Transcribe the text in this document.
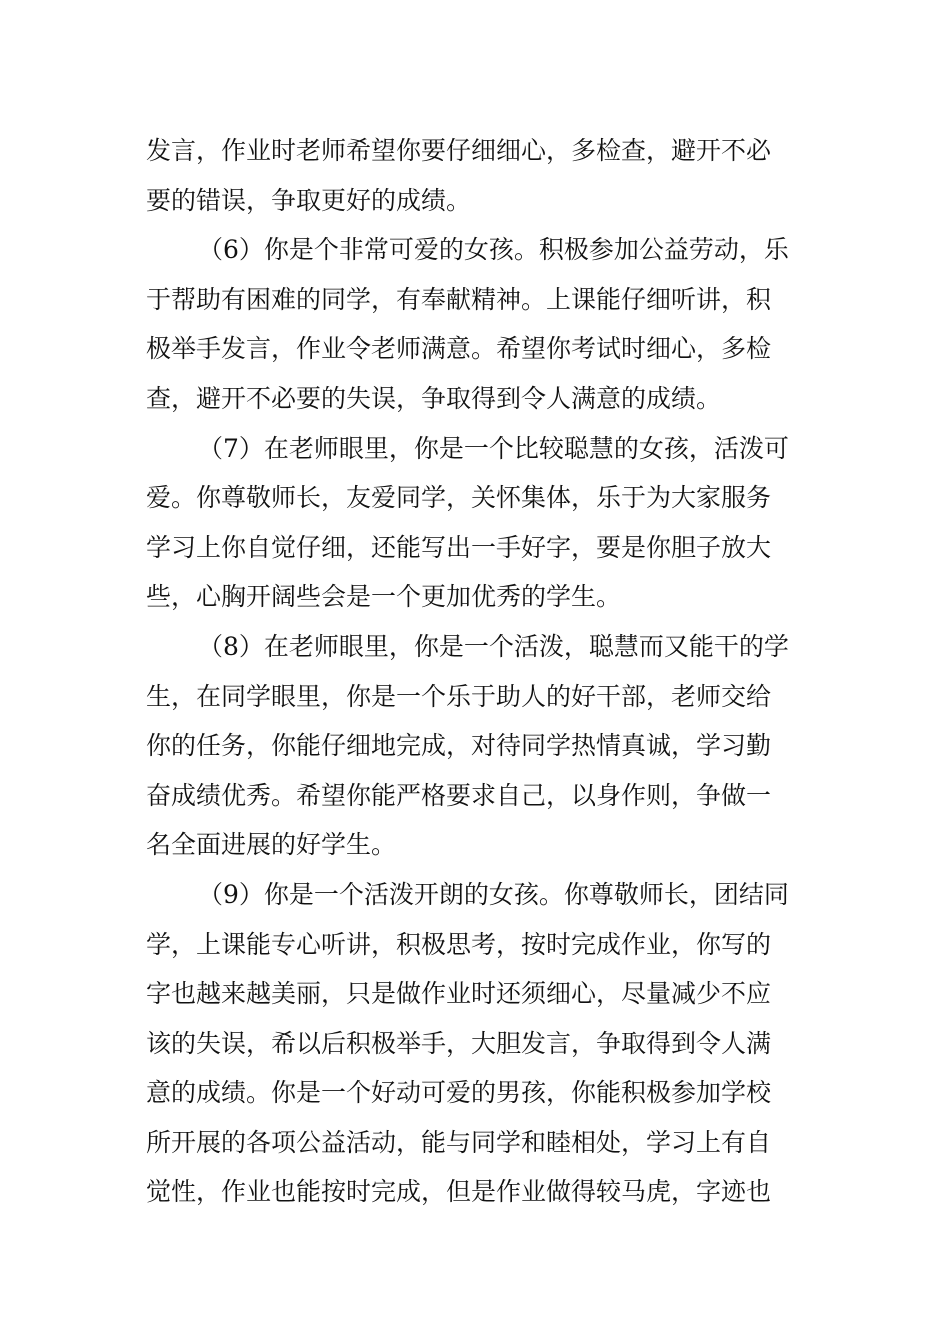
发言，作业时老师希望你要仔细细心，多检查，避开不必
要的错误，争取更好的成绩。
（6）你是个非常可爱的女孩。积极参加公益劳动，乐
于帮助有困难的同学，有奉献精神。上课能仔细听讲，积
极举手发言，作业令老师满意。希望你考试时细心，多检
查，避开不必要的失误，争取得到令人满意的成绩。
（7）在老师眼里，你是一个比较聪慧的女孩，活泼可
爱。你尊敬师长，友爱同学，关怀集体，乐于为大家服务
学习上你自觉仔细，还能写出一手好字，要是你胆子放大
些，心胸开阔些会是一个更加优秀的学生。
（8）在老师眼里，你是一个活泼，聪慧而又能干的学
生，在同学眼里，你是一个乐于助人的好干部，老师交给
你的任务，你能仔细地完成，对待同学热情真诚，学习勤
奋成绩优秀。希望你能严格要求自己，以身作则，争做一
名全面进展的好学生。
（9）你是一个活泼开朗的女孩。你尊敬师长，团结同
学，上课能专心听讲，积极思考，按时完成作业，你写的
字也越来越美丽，只是做作业时还须细心，尽量减少不应
该的失误，希以后积极举手，大胆发言，争取得到令人满
意的成绩。你是一个好动可爱的男孩，你能积极参加学校
所开展的各项公益活动，能与同学和睦相处，学习上有自
觉性，作业也能按时完成，但是作业做得较马虎，字迹也
